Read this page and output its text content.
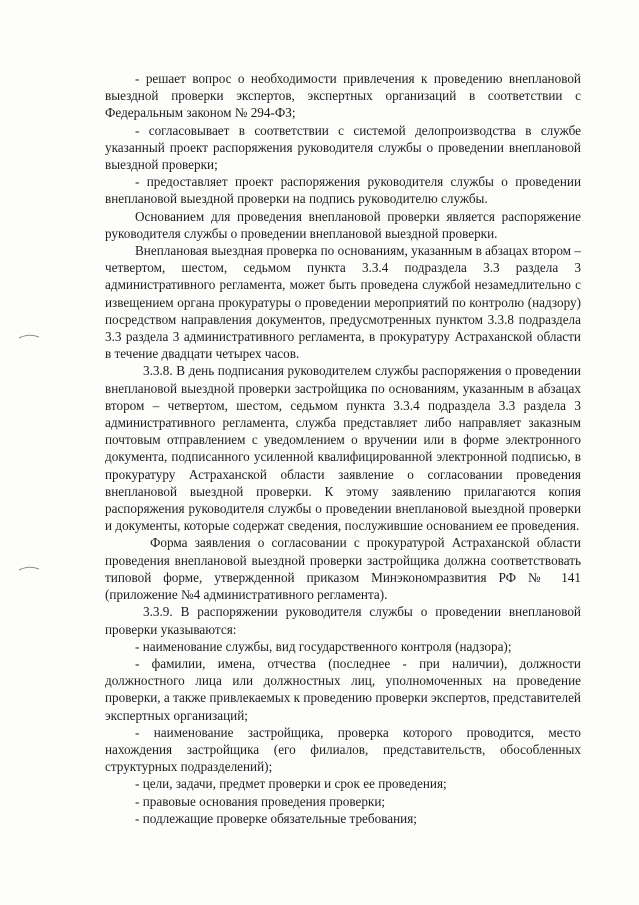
- решает вопрос о необходимости привлечения к проведению внеплановой выездной проверки экспертов, экспертных организаций в соответствии с Федеральным законом № 294-ФЗ;

- согласовывает в соответствии с системой делопроизводства в службе указанный проект распоряжения руководителя службы о проведении внеплановой выездной проверки;

- предоставляет проект распоряжения руководителя службы о проведении внеплановой выездной проверки на подпись руководителю службы.

Основанием для проведения внеплановой проверки является распоряжение руководителя службы о проведении внеплановой выездной проверки.

Внеплановая выездная проверка по основаниям, указанным в абзацах втором – четвертом, шестом, седьмом пункта 3.3.4 подраздела 3.3 раздела 3 административного регламента, может быть проведена службой незамедлительно с извещением органа прокуратуры о проведении мероприятий по контролю (надзору) посредством направления документов, предусмотренных пунктом 3.3.8 подраздела 3.3 раздела 3 административного регламента, в прокуратуру Астраханской области в течение двадцати четырех часов.

3.3.8. В день подписания руководителем службы распоряжения о проведении внеплановой выездной проверки застройщика по основаниям, указанным в абзацах втором – четвертом, шестом, седьмом пункта 3.3.4 подраздела 3.3 раздела 3 административного регламента, служба представляет либо направляет заказным почтовым отправлением с уведомлением о вручении или в форме электронного документа, подписанного усиленной квалифицированной электронной подписью, в прокуратуру Астраханской области заявление о согласовании проведения внеплановой выездной проверки. К этому заявлению прилагаются копия распоряжения руководителя службы о проведении внеплановой выездной проверки и документы, которые содержат сведения, послужившие основанием ее проведения.

Форма заявления о согласовании с прокуратурой Астраханской области проведения внеплановой выездной проверки застройщика должна соответствовать типовой форме, утвержденной приказом Минэкономразвития РФ № 141 (приложение №4 административного регламента).

3.3.9. В распоряжении руководителя службы о проведении внеплановой проверки указываются:

- наименование службы, вид государственного контроля (надзора);

- фамилии, имена, отчества (последнее - при наличии), должности должностного лица или должностных лиц, уполномоченных на проведение проверки, а также привлекаемых к проведению проверки экспертов, представителей экспертных организаций;

- наименование застройщика, проверка которого проводится, место нахождения застройщика (его филиалов, представительств, обособленных структурных подразделений);

- цели, задачи, предмет проверки и срок ее проведения;

- правовые основания проведения проверки;

- подлежащие проверке обязательные требования;
